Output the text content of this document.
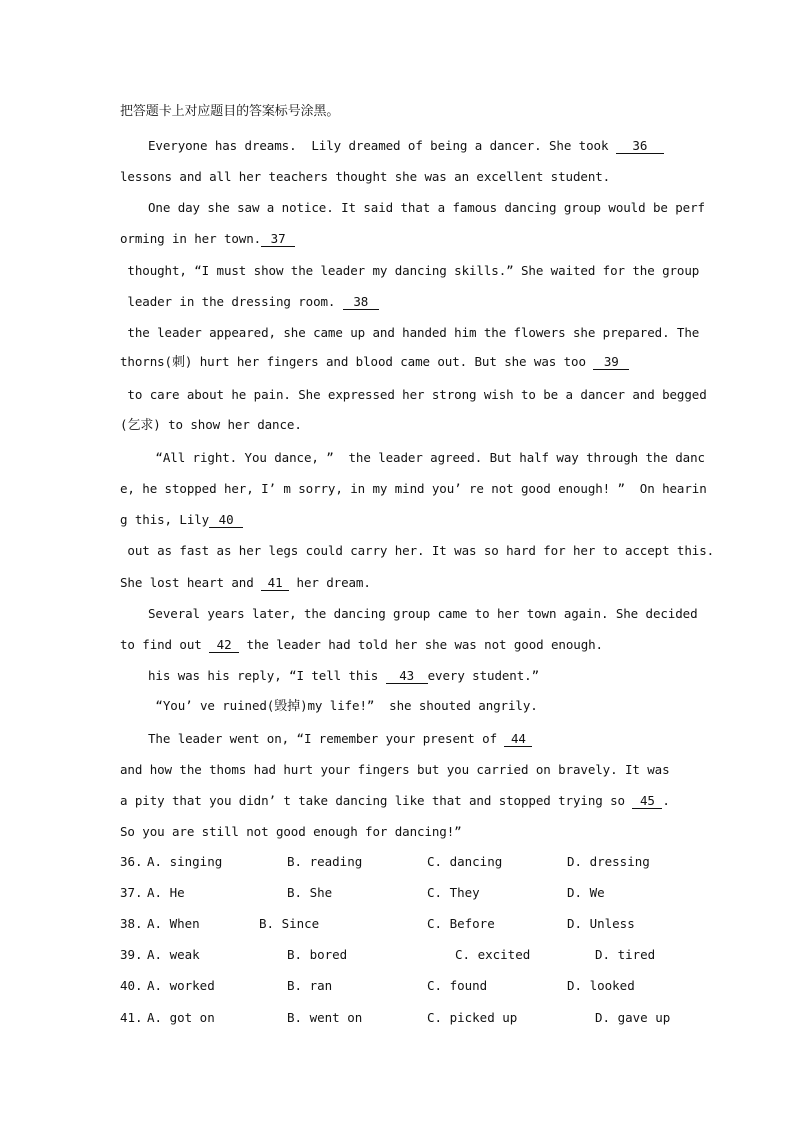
把答题卡上对应题目的答案标号涂黑。
Everyone has dreams.  Lily dreamed of being a dancer. She took 36
lessons and all her teachers thought she was an excellent student.
One day she saw a notice. It said that a famous dancing group would be perf
orming in her town. 37
thought, “I must show the leader my dancing skills.” She waited for the group
leader in the dressing room. 38
the leader appeared, she came up and handed him the flowers she prepared. The
thorns(刺) hurt her fingers and blood came out. But she was too 39
to care about he pain. She expressed her strong wish to be a dancer and begged
(乞求) to show her dance.
“All right. You dance, ”  the leader agreed. But half way through the danc
e, he stopped her, I’ m sorry, in my mind you’ re not good enough! ”  On hearin
g this, Lily 40
out as fast as her legs could carry her. It was so hard for her to accept this.
She lost heart and 41 her dream.
Several years later, the dancing group came to her town again. She decided
to find out 42 the leader had told her she was not good enough.
his was his reply, “I tell this 43 every student.”
“You’ ve ruined(毁掉)my life!”  she shouted angrily.
The leader went on, “I remember your present of 44
and how the thoms had hurt your fingers but you carried on bravely. It was
a pity that you didn’ t take dancing like that and stopped trying so 45 .
So you are still not good enough for dancing!”
36. A. singing	B. reading	C. dancing	D. dressing
37. A. He	B. She	C. They	D. We
38. A. When	B. Since	C. Before	D. Unless
39. A. weak	B. bored	C. excited	D. tired
40. A. worked	B. ran	C. found	D. looked
41. A. got on	B. went on	C. picked up	D. gave up
